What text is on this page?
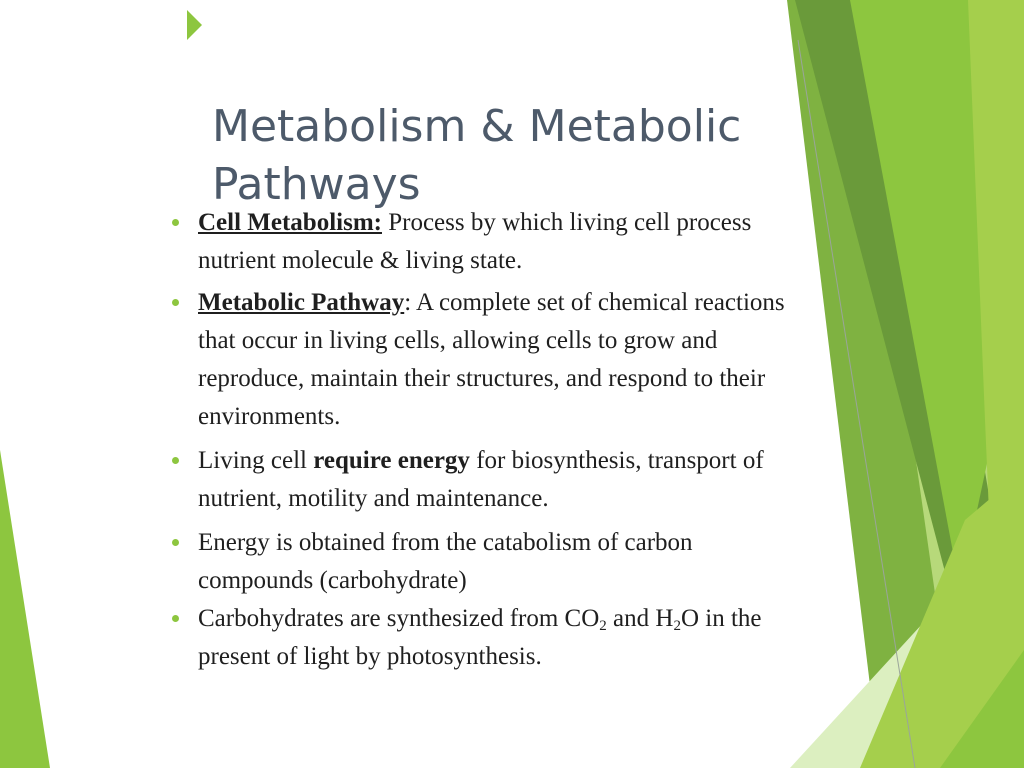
Metabolism & Metabolic
Pathways
Cell Metabolism: Process by which living cell process nutrient molecule & living state.
Metabolic Pathway: A complete set of chemical reactions that occur in living cells, allowing cells to grow and reproduce, maintain their structures, and respond to their environments.
Living cell require energy for biosynthesis, transport of nutrient, motility and maintenance.
Energy is obtained from the catabolism of carbon compounds (carbohydrate)
Carbohydrates are synthesized from $CO_2$ and $H_2O$ in the present of light by photosynthesis.
